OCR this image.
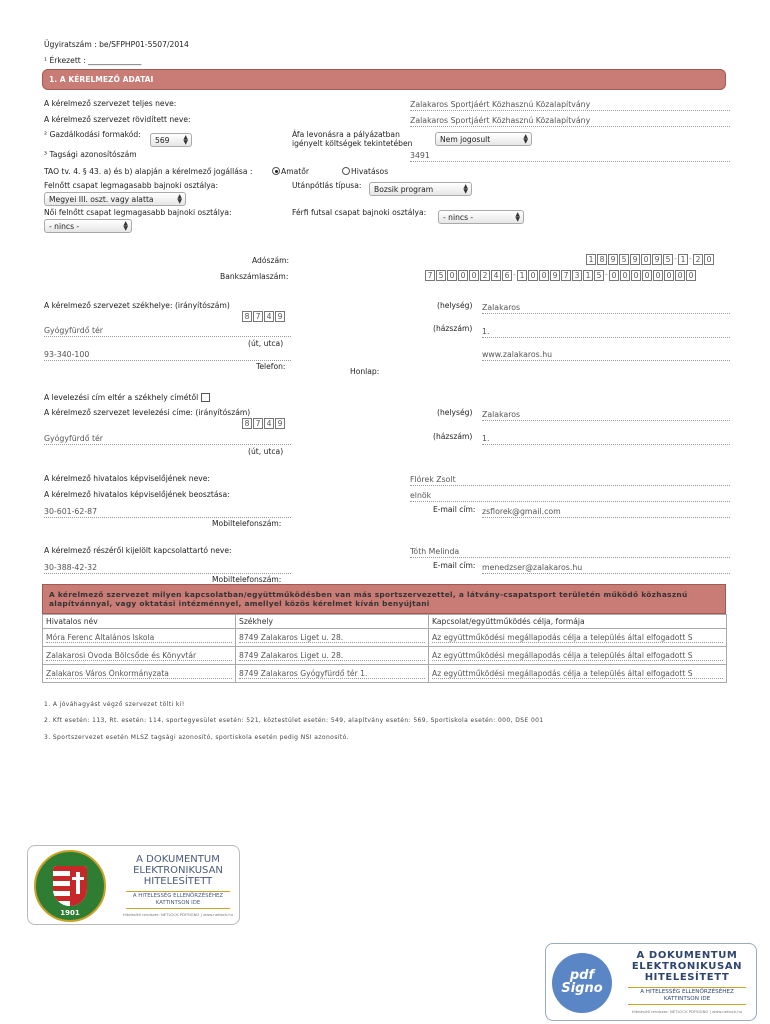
Ügyiratszám : be/SFPHP01-5507/2014
¹ Érkezett : ______________
1. A KÉRELMEZŐ ADATAI
A kérelmező szervezet teljes neve:	Zalakaros Sportjáért Közhasznú Közalapítvány
A kérelmező szervezet rövidített neve:	Zalakaros Sportjáért Közhasznú Közalapítvány
² Gazdálkodási formakód:
569 ▲
▼
Áfa levonásra a pályázatban
igényelt költségek tekintetében	Nem jogosult	▲
▼
³ Tagsági azonosítószám	3491
TAO tv. 4. § 43. a) és b) alapján a kérelmező jogállása :	Amatőr	Hivatásos
Felnőtt csapat legmagasabb bajnoki osztálya:
Megyei III. oszt. vagy alatta	▲
▼
Utánpótlás típusa:	Bozsik program	▲
▼
Női felnőtt csapat legmagasabb bajnoki osztálya:
- nincs -	▲
▼
Férfi futsal csapat bajnoki osztálya:
- nincs -	▲
▼
Adószám:	1 8 9 5 9 0 9 5 - 1 - 2 0
Bankszámlaszám:	7 5 0 0 0 2 4 6 - 1 0 0 9 7 3 1 5 - 0 0 0 0 0 0 0 0
A kérelmező szervezet székhelye: (irányítószám)
8 7 4 9
(helység) Zalakaros
Gyógyfürdő tér	(házszám) 1.
(út, utca)
93-340-100	www.zalakaros.hu
Telefon:
Honlap:
A levelezési cím eltér a székhely címétől
A kérelmező szervezet levelezési címe: (irányítószám)
8 7 4 9
(helység) Zalakaros
Gyógyfürdő tér	(házszám) 1.
(út, utca)
A kérelmező hivatalos képviselőjének neve:	Flórek Zsolt
A kérelmező hivatalos képviselőjének beosztása:	elnök
30-601-62-87	E-mail cím: zsflorek@gmail.com
Mobiltelefonszám:
A kérelmező részéről kijelölt kapcsolattartó neve:	Tóth Melinda
30-388-42-32	E-mail cím: menedzser@zalakaros.hu
Mobiltelefonszám:
A kérelmező szervezet milyen kapcsolatban/együttműködésben van más sportszervezettel, a látvány-csapatsport területén működő közhasznú alapítvánnyal, vagy oktatási intézménnyel, amellyel közös kérelmet kíván benyújtani
Hivatalos név	Székhely	Kapcsolat/együttműködés célja, formája

Móra Ferenc Általános Iskola	8749 Zalakaros Liget u. 28.	Az együttműködési megállapodás célja a település által elfogadott S

Zalakarosi Óvoda Bölcsőde és Könyvtár	8749 Zalakaros Liget u. 28.	Az együttműködési megállapodás célja a település által elfogadott S

Zalakaros Város Önkormányzata	8749 Zalakaros Gyógyfürdő tér 1.	Az együttműködési megállapodás célja a település által elfogadott S
1. A jóváhagyást végző szervezet tölti ki!
2. Kft esetén: 113, Rt. esetén: 114, sportegyesület esetén: 521, köztestület esetén: 549, alapítvány esetén: 569, Sportiskola esetén: 000, DSE 001
3. Sportszervezet esetén MLSZ tagsági azonosító, sportiskola esetén pedig NSI azonosító.
1901
A DOKUMENTUM
ELEKTRONIKUSAN
HITELESÍTETT
A HITELESSÉG ELLENŐRZÉSÉHEZ
KATTINTSON IDE
Hitelesítő rendszer: NETLOCK PDFSIGNO | www.netlock.hu
pdf Signo
A DOKUMENTUM
ELEKTRONIKUSAN
HITELESÍTETT
A HITELESSÉG ELLENŐRZÉSÉHEZ
KATTINTSON IDE
Hitelesítő rendszer: NETLOCK PDFSIGNO | www.netlock.hu
